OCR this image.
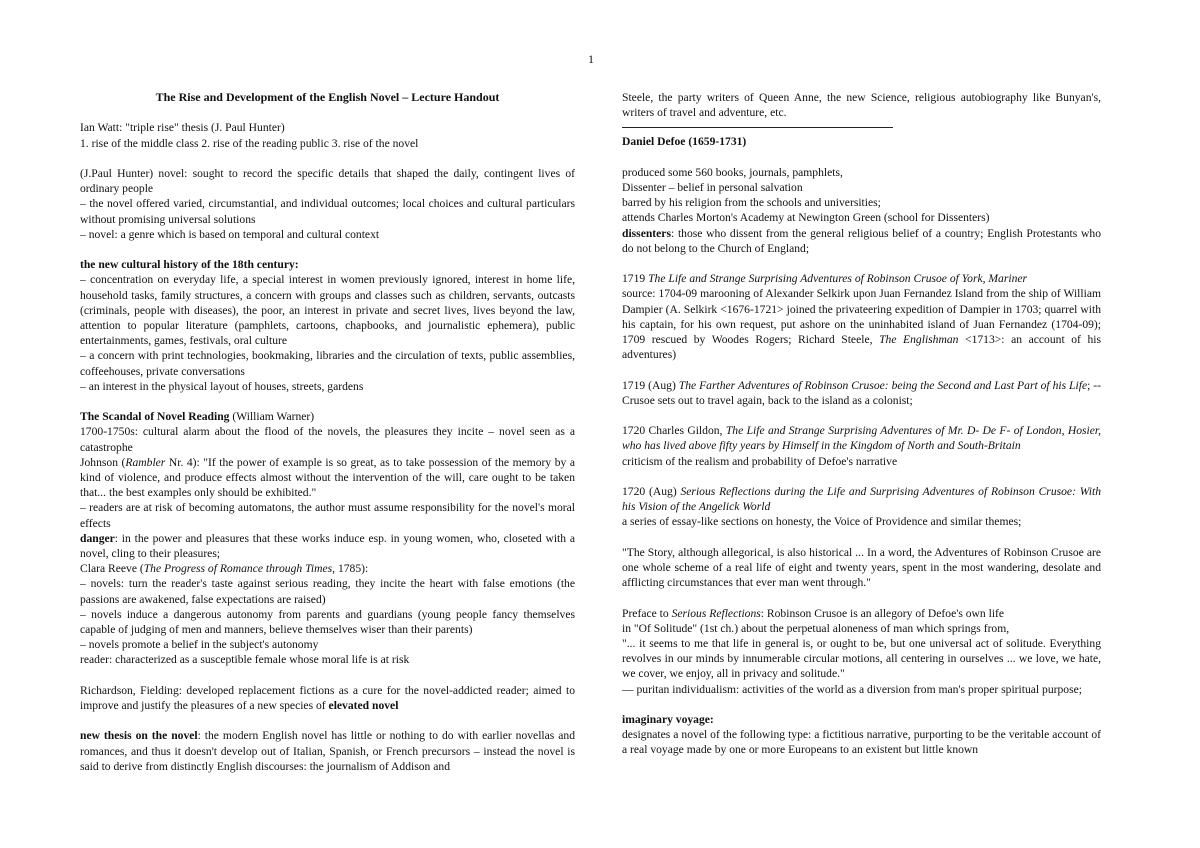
1

The Rise and Development of the English Novel – Lecture Handout

Ian Watt: "triple rise" thesis (J. Paul Hunter)

1. rise of the middle class 2. rise of the reading public 3. rise of the novel

(J.Paul Hunter) novel: sought to record the specific details that shaped the daily, contingent lives of ordinary people

– the novel offered varied, circumstantial, and individual outcomes; local choices and cultural particulars without promising universal solutions

– novel: a genre which is based on temporal and cultural context

the new cultural history of the 18th century:

– concentration on everyday life, a special interest in women previously ignored, interest in home life, household tasks, family structures, a concern with groups and classes such as children, servants, outcasts (criminals, people with diseases), the poor, an interest in private and secret lives, lives beyond the law, attention to popular literature (pamphlets, cartoons, chapbooks, and journalistic ephemera), public entertainments, games, festivals, oral culture

– a concern with print technologies, bookmaking, libraries and the circulation of texts, public assemblies, coffeehouses, private conversations

– an interest in the physical layout of houses, streets, gardens

The Scandal of Novel Reading (William Warner)

1700-1750s: cultural alarm about the flood of the novels, the pleasures they incite – novel seen as a catastrophe

Johnson (Rambler Nr. 4): "If the power of example is so great, as to take possession of the memory by a kind of violence, and produce effects almost without the intervention of the will, care ought to be taken that... the best examples only should be exhibited."

– readers are at risk of becoming automatons, the author must assume responsibility for the novel's moral effects

danger: in the power and pleasures that these works induce esp. in young women, who, closeted with a novel, cling to their pleasures;

Clara Reeve (The Progress of Romance through Times, 1785):

– novels: turn the reader's taste against serious reading, they incite the heart with false emotions (the passions are awakened, false expectations are raised)

– novels induce a dangerous autonomy from parents and guardians (young people fancy themselves capable of judging of men and manners, believe themselves wiser than their parents)

– novels promote a belief in the subject's autonomy

reader: characterized as a susceptible female whose moral life is at risk

Richardson, Fielding: developed replacement fictions as a cure for the novel-addicted reader; aimed to improve and justify the pleasures of a new species of elevated novel

new thesis on the novel: the modern English novel has little or nothing to do with earlier novellas and romances, and thus it doesn't develop out of Italian, Spanish, or French precursors – instead the novel is said to derive from distinctly English discourses: the journalism of Addison and

Steele, the party writers of Queen Anne, the new Science, religious autobiography like Bunyan's, writers of travel and adventure, etc.

Daniel Defoe (1659-1731)

produced some 560 books, journals, pamphlets,

Dissenter – belief in personal salvation

barred by his religion from the schools and universities;

attends Charles Morton's Academy at Newington Green (school for Dissenters)

dissenters: those who dissent from the general religious belief of a country; English Protestants who do not belong to the Church of England;

1719 The Life and Strange Surprising Adventures of Robinson Crusoe of York, Mariner

source: 1704-09 marooning of Alexander Selkirk upon Juan Fernandez Island from the ship of William Dampier (A. Selkirk <1676-1721> joined the privateering expedition of Dampier in 1703; quarrel with his captain, for his own request, put ashore on the uninhabited island of Juan Fernandez (1704-09); 1709 rescued by Woodes Rogers; Richard Steele, The Englishman <1713>: an account of his adventures)

1719 (Aug) The Farther Adventures of Robinson Crusoe: being the Second and Last Part of his Life; -- Crusoe sets out to travel again, back to the island as a colonist;

1720 Charles Gildon, The Life and Strange Surprising Adventures of Mr. D- De F- of London, Hosier, who has lived above fifty years by Himself in the Kingdom of North and South-Britain

criticism of the realism and probability of Defoe's narrative

1720 (Aug) Serious Reflections during the Life and Surprising Adventures of Robinson Crusoe: With his Vision of the Angelick World

a series of essay-like sections on honesty, the Voice of Providence and similar themes;

"The Story, although allegorical, is also historical ... In a word, the Adventures of Robinson Crusoe are one whole scheme of a real life of eight and twenty years, spent in the most wandering, desolate and afflicting circumstances that ever man went through."

Preface to Serious Reflections: Robinson Crusoe is an allegory of Defoe's own life

in "Of Solitude" (1st ch.) about the perpetual aloneness of man which springs from,

"... it seems to me that life in general is, or ought to be, but one universal act of solitude. Everything revolves in our minds by innumerable circular motions, all centering in ourselves ... we love, we hate, we cover, we enjoy, all in privacy and solitude."

— puritan individualism: activities of the world as a diversion from man's proper spiritual purpose;

imaginary voyage:

designates a novel of the following type: a fictitious narrative, purporting to be the veritable account of a real voyage made by one or more Europeans to an existent but little known
